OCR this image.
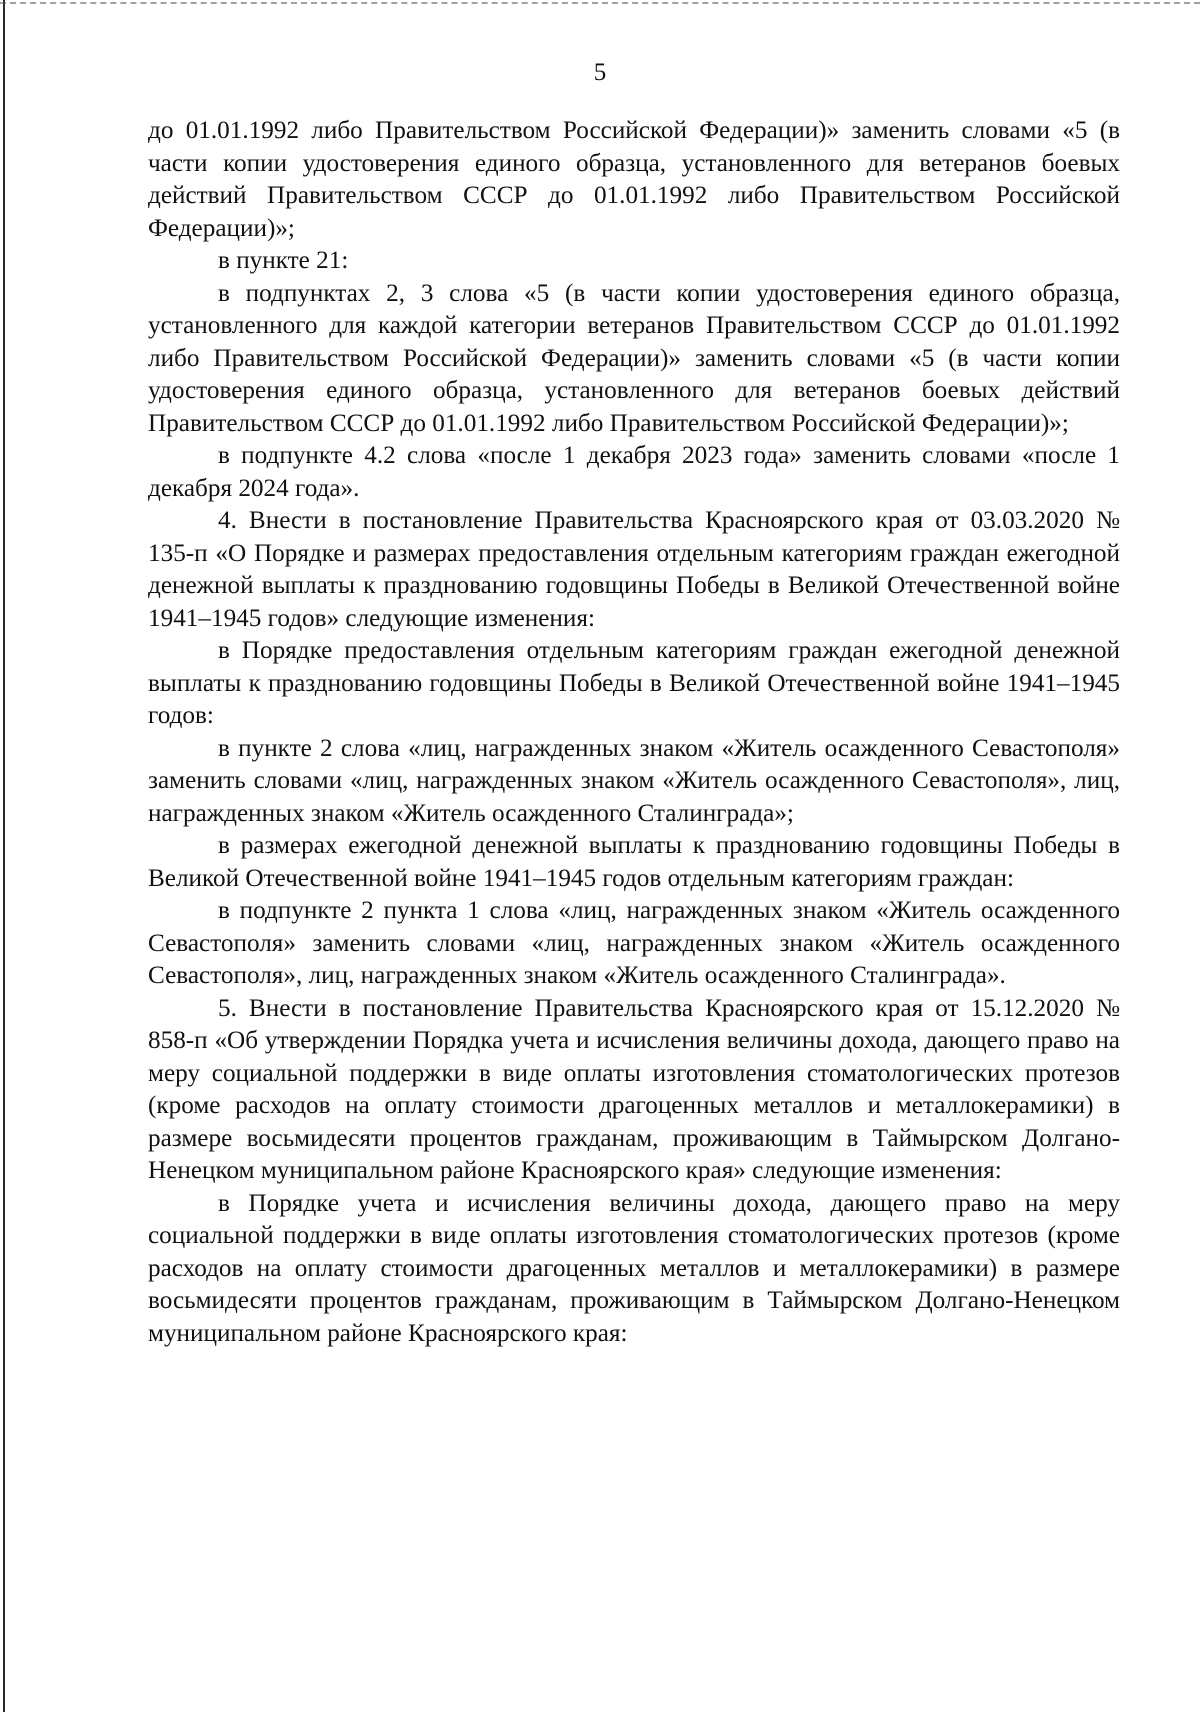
5

до 01.01.1992 либо Правительством Российской Федерации)» заменить словами «5 (в части копии удостоверения единого образца, установленного для ветеранов боевых действий Правительством СССР до 01.01.1992 либо Правительством Российской Федерации)»;

в пункте 21:

в подпунктах 2, 3 слова «5 (в части копии удостоверения единого образца, установленного для каждой категории ветеранов Правительством СССР до 01.01.1992 либо Правительством Российской Федерации)» заменить словами «5 (в части копии удостоверения единого образца, установленного для ветеранов боевых действий Правительством СССР до 01.01.1992 либо Правительством Российской Федерации)»;

в подпункте 4.2 слова «после 1 декабря 2023 года» заменить словами «после 1 декабря 2024 года».

4. Внести в постановление Правительства Красноярского края от 03.03.2020 № 135-п «О Порядке и размерах предоставления отдельным категориям граждан ежегодной денежной выплаты к празднованию годовщины Победы в Великой Отечественной войне 1941–1945 годов» следующие изменения:

в Порядке предоставления отдельным категориям граждан ежегодной денежной выплаты к празднованию годовщины Победы в Великой Отечественной войне 1941–1945 годов:

в пункте 2 слова «лиц, награжденных знаком «Житель осажденного Севастополя» заменить словами «лиц, награжденных знаком «Житель осажденного Севастополя», лиц, награжденных знаком «Житель осажденного Сталинграда»;

в размерах ежегодной денежной выплаты к празднованию годовщины Победы в Великой Отечественной войне 1941–1945 годов отдельным категориям граждан:

в подпункте 2 пункта 1 слова «лиц, награжденных знаком «Житель осажденного Севастополя» заменить словами «лиц, награжденных знаком «Житель осажденного Севастополя», лиц, награжденных знаком «Житель осажденного Сталинграда».

5. Внести в постановление Правительства Красноярского края от 15.12.2020 № 858-п «Об утверждении Порядка учета и исчисления величины дохода, дающего право на меру социальной поддержки в виде оплаты изготовления стоматологических протезов (кроме расходов на оплату стоимости драгоценных металлов и металлокерамики) в размере восьмидесяти процентов гражданам, проживающим в Таймырском Долгано-Ненецком муниципальном районе Красноярского края» следующие изменения:

в Порядке учета и исчисления величины дохода, дающего право на меру социальной поддержки в виде оплаты изготовления стоматологических протезов (кроме расходов на оплату стоимости драгоценных металлов и металлокерамики) в размере восьмидесяти процентов гражданам, проживающим в Таймырском Долгано-Ненецком муниципальном районе Красноярского края:
